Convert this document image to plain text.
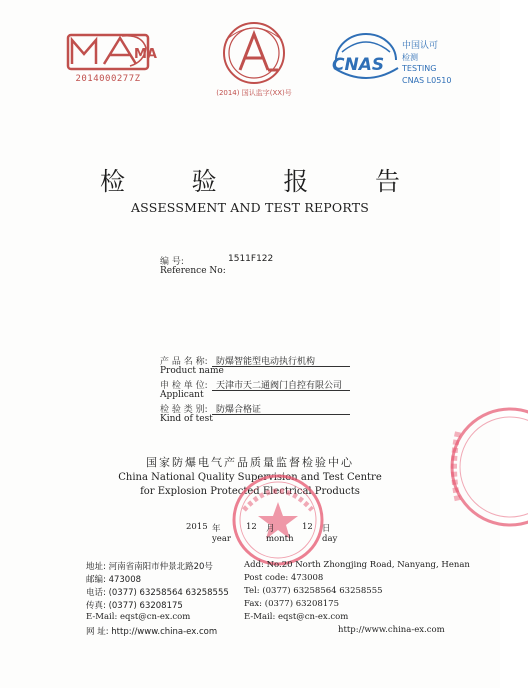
MA
2014000277Z
(2014) 国认监字(XX)号
CNAS
中国认可
检测
TESTING
CNAS L0510
检	验	报	告
ASSESSMENT AND TEST REPORTS
编 号:	1511F122
Reference No:
产 品 名 称: 防爆智能型电动执行机构
Product name
申 检 单 位: 天津市天二通阀门自控有限公司
Applicant
检 验 类 别: 防爆合格证
Kind of test
国家防爆电气产品质量监督检验中心
China National Quality Supervision and Test Centre
for Explosion Protected Electrical Products
2015 年
year
12 月
month
12 日
day
地址: 河南省南阳市仲景北路20号
邮编: 473008
电话: (0377) 63258564 63258555
传真: (0377) 63208175
E-Mail: eqst@cn-ex.com
网 址: http://www.china-ex.com
Add: No.20 North Zhongjing Road, Nanyang, Henan
Post code: 473008
Tel: (0377) 63258564 63258555
Fax: (0377) 63208175
E-Mail: eqst@cn-ex.com
http://www.china-ex.com
